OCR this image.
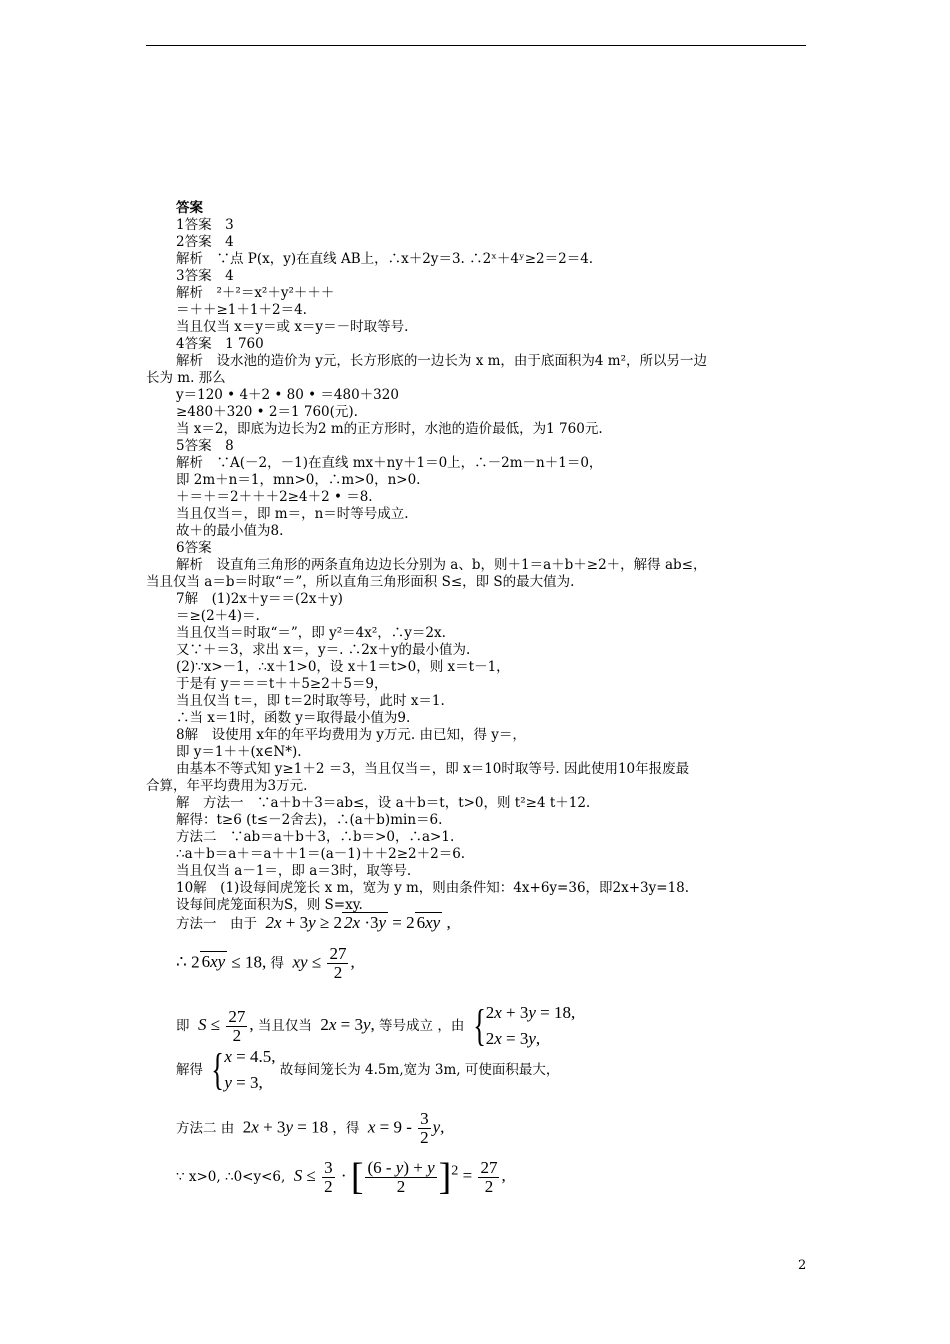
答案
1答案　3
2答案　4
解析　∵点 P(x，y)在直线 AB上，∴x＋2y＝3. ∴2ˣ＋4ʸ≥2＝2＝4.
3答案　4
解析　²＋²＝x²＋y²＋＋＋
＝＋＋≥1＋1＋2＝4.
当且仅当 x＝y＝或 x＝y＝－时取等号.
4答案　1 760
解析　设水池的造价为 y元，长方形底的一边长为 x m，由于底面积为4 m²，所以另一边
长为 m. 那么
y＝120 • 4＋2 • 80 • ＝480＋320
≥480＋320 • 2＝1 760(元).
当 x＝2，即底为边长为2 m的正方形时，水池的造价最低，为1 760元.
5答案　8
解析　∵A(－2，－1)在直线 mx＋ny＋1＝0上，∴－2m－n＋1＝0，
即 2m＋n＝1，mn>0，∴m>0，n>0.
＋＝＋＝2＋＋＋2≥4＋2 • ＝8.
当且仅当＝，即 m＝，n＝时等号成立.
故＋的最小值为8.
6答案
解析　设直角三角形的两条直角边边长分别为 a、b，则＋1＝a＋b＋≥2＋，解得 ab≤，
当且仅当 a＝b＝时取“＝”，所以直角三角形面积 S≤，即 S的最大值为.
7解　(1)2x＋y＝＝(2x＋y)
＝≥(2＋4)＝.
当且仅当＝时取“＝”，即 y²＝4x²，∴y＝2x.
又∵＋＝3，求出 x＝，y＝. ∴2x＋y的最小值为.
(2)∵x>－1，∴x＋1>0，设 x＋1＝t>0，则 x＝t－1，
于是有 y＝＝＝t＋＋5≥2＋5＝9，
当且仅当 t＝，即 t＝2时取等号，此时 x＝1.
∴当 x＝1时，函数 y＝取得最小值为9.
8解　设使用 x年的年平均费用为 y万元. 由已知，得 y＝，
即 y＝1＋＋(x∈N*).
由基本不等式知 y≥1＋2 ＝3，当且仅当＝，即 x＝10时取等号. 因此使用10年报废最
合算，年平均费用为3万元.
解　方法一　∵a＋b＋3＝ab≤，设 a＋b＝t，t>0，则 t²≥4 t＋12.
解得：t≥6 (t≤－2舍去)，∴(a＋b)min＝6.
方法二　∵ab＝a＋b＋3，∴b＝>0，∴a>1.
∴a＋b＝a＋＝a＋＋1＝(a－1)＋＋2≥2＋2＝6.
当且仅当 a－1＝，即 a＝3时，取等号.
10解　(1)设每间虎笼长 x m，宽为 y m，则由条件知：4x+6y=36，即2x+3y=18.
设每间虎笼面积为S，则 S=xy.
方法一　由于 2x + 3y ≥ 2 2x ·3y = 2 6xy ,
∴ 2 6xy ≤ 18, 得 xy ≤ $\frac{27}{2}$ ,
即 $S \le \frac{27}{2}$ , 当且仅当  2x = 3y, 等号成立 ，由 {2x + 3y = 18,
2x = 3y,
解得 {x = 4.5,
y = 3, 故每间笼长为 4.5m,宽为 3m, 可使面积最大，
方法二 由  2x + 3y = 18 ，得 $x = 9 - \frac{3}{2} y$,
∵ x>0, ∴0<y<6, $S \le \frac{3}{2}$ · [ $\frac{(6 - y) + y}{2} ]^2 = \frac{27}{2}$ ,
2
